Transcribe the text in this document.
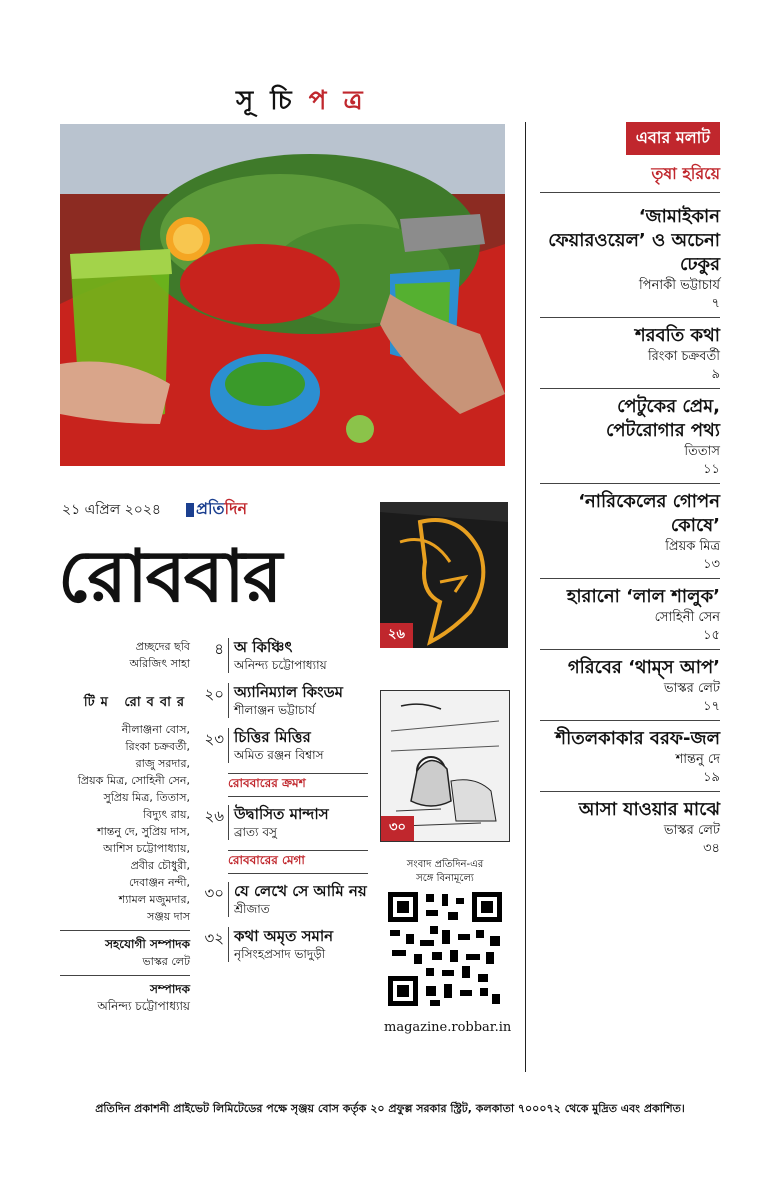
সূ চি প ত্র
২১ এপ্রিল ২০২৪	প্রতিদিন
রোববার
২৬
৩০
প্রচ্ছদের ছবি
অরিজিৎ সাহা
টিম রোববার
নীলাঞ্জনা বোস,
রিংকা চক্রবর্তী,
রাজু সরদার,
প্রিয়ক মিত্র, সোহিনী সেন,
সুপ্রিয় মিত্র, তিতাস,
বিদ্যুৎ রায়,
শান্তনু দে, সুপ্রিয় দাস,
আশিস চট্টোপাধ্যায়,
প্রবীর চৌধুরী,
দেবাঞ্জন নন্দী,
শ্যামল মজুমদার,
সঞ্জয় দাস
সহযোগী সম্পাদক
ভাস্কর লেট
সম্পাদক
অনিন্দ্য চট্টোপাধ্যায়
৪ অ কিঞ্চিৎ
অনিন্দ্য চট্টোপাধ্যায়
২০ অ্যানিম্যাল কিংডম
শীলাঞ্জন ভট্টাচার্য
২৩ চিত্তির মিত্তির
অমিত রঞ্জন বিশ্বাস
রোববারের ক্রমশ
২৬ উদ্বাসিত মান্দাস
ব্রাত্য বসু
রোববারের মেগা
৩০ যে লেখে সে আমি নয়
শ্রীজাত
৩২ কথা অমৃত সমান
নৃসিংহপ্রসাদ ভাদুড়ী
সংবাদ প্রতিদিন-এর
সঙ্গে বিনামূল্যে
magazine.robbar.in
এবার মলাট
তৃষা হরিয়ে
‘জামাইকান ফেয়ারওয়েল’ ও অচেনা ঢেকুর
পিনাকী ভট্টাচার্য
৭
শরবতি কথা
রিংকা চক্রবর্তী
৯
পেটুকের প্রেম, পেটরোগার পথ্য
তিতাস
১১
‘নারিকেলের গোপন কোষে’
প্রিয়ক মিত্র
১৩
হারানো ‘লাল শালুক’
সোহিনী সেন
১৫
গরিবের ‘থাম্‌স আপ’
ভাস্কর লেট
১৭
শীতলকাকার বরফ-জল
শান্তনু দে
১৯
আসা যাওয়ার মাঝে
ভাস্কর লেট
৩৪
প্রতিদিন প্রকাশনী প্রাইভেট লিমিটেডের পক্ষে সৃঞ্জয় বোস কর্তৃক ২০ প্রফুল্ল সরকার স্ট্রিট, কলকাতা ৭০০০৭২ থেকে মুদ্রিত এবং প্রকাশিত।
